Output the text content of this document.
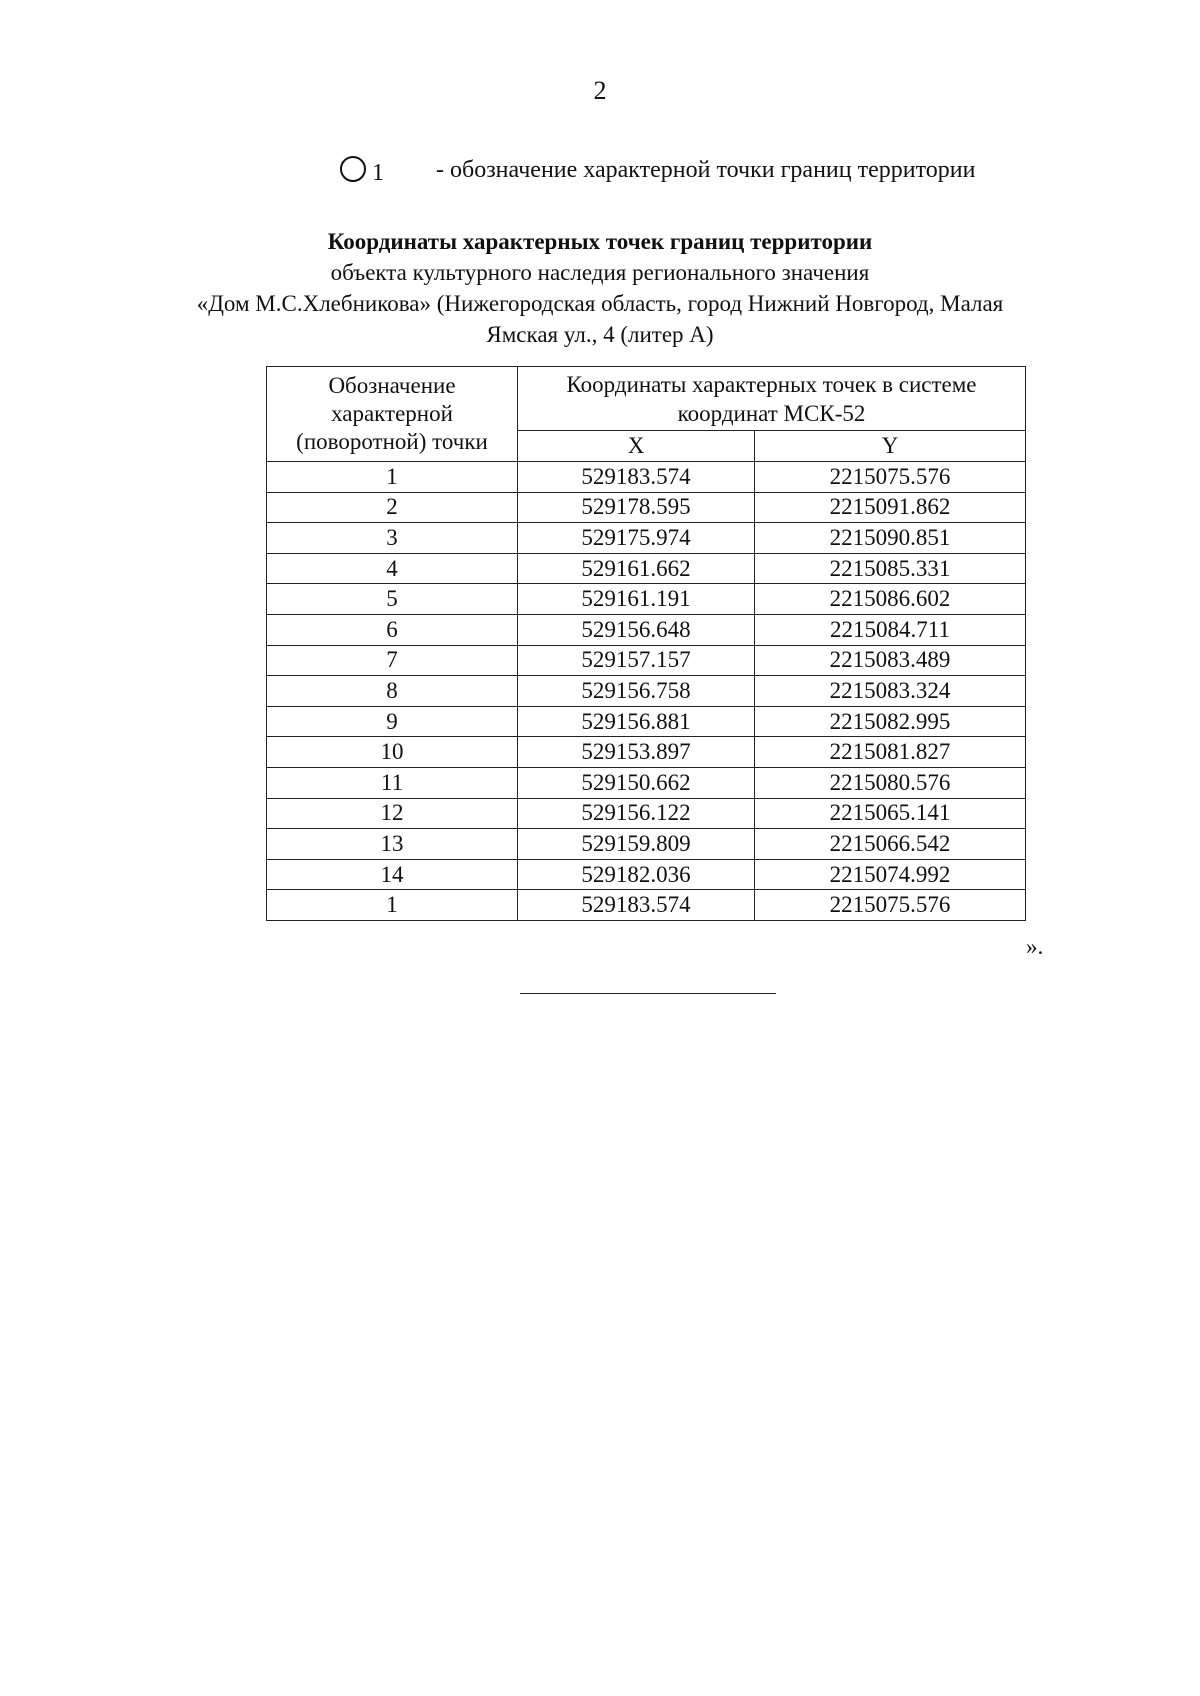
2
1 - обозначение характерной точки границ территории
Координаты характерных точек границ территории
объекта культурного наследия регионального значения
«Дом М.С.Хлебникова» (Нижегородская область, город Нижний Новгород, Малая
Ямская ул., 4 (литер А)
Обозначение характерной (поворотной) точки	Координаты характерных точек в системе координат МСК-52	
	X	Y
1	529183.574	2215075.576
2	529178.595	2215091.862
3	529175.974	2215090.851
4	529161.662	2215085.331
5	529161.191	2215086.602
6	529156.648	2215084.711
7	529157.157	2215083.489
8	529156.758	2215083.324
9	529156.881	2215082.995
10	529153.897	2215081.827
11	529150.662	2215080.576
12	529156.122	2215065.141
13	529159.809	2215066.542
14	529182.036	2215074.992
1	529183.574	2215075.576
».
